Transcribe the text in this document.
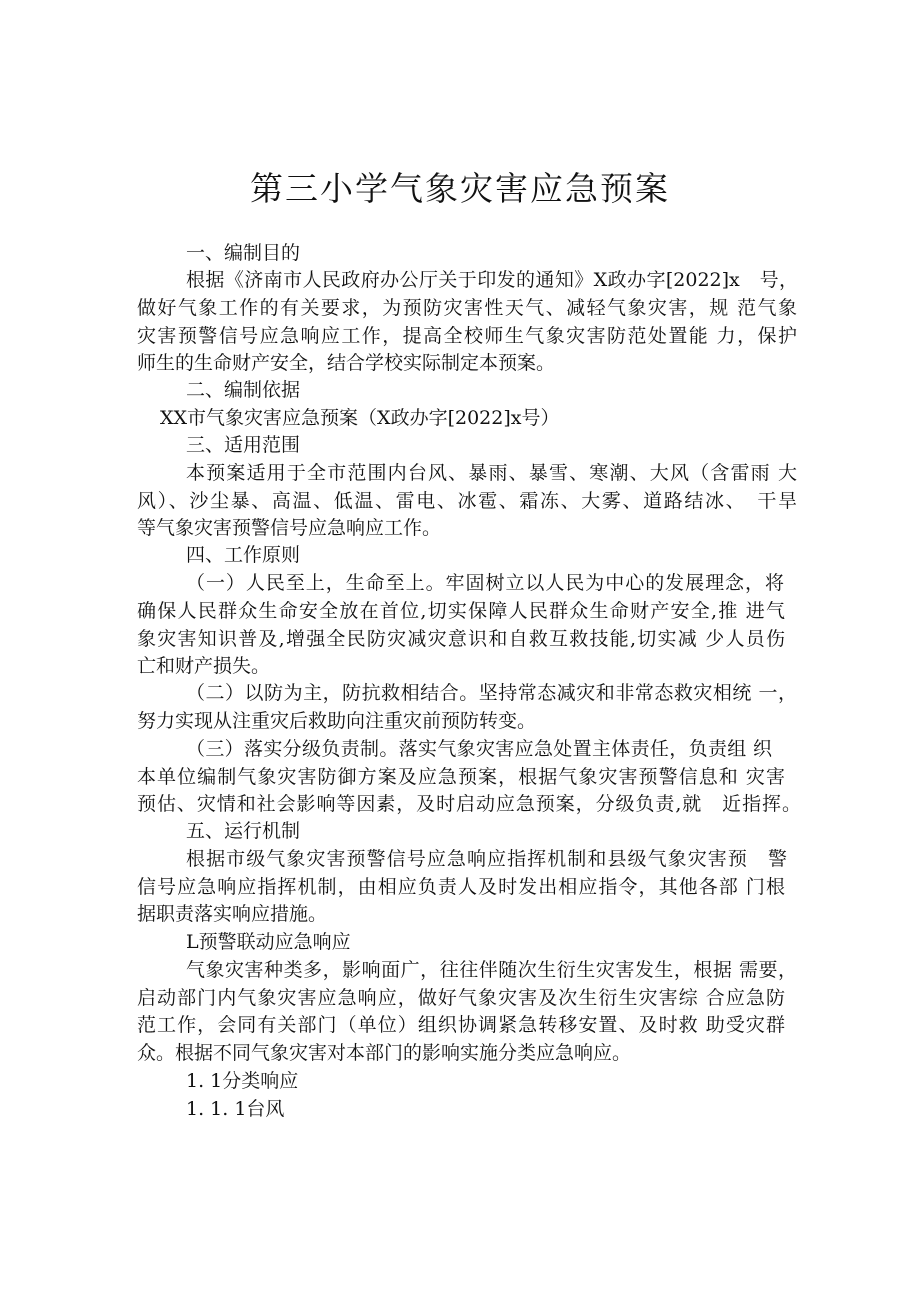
第三小学气象灾害应急预案
一、编制目的
根据《济南市人民政府办公厅关于印发的通知》X政办字[2022]x　号，
做好气象工作的有关要求，为预防灾害性天气、减轻气象灾害，规 范气象
灾害预警信号应急响应工作，提高全校师生气象灾害防范处置能 力，保护
师生的生命财产安全，结合学校实际制定本预案。
二、编制依据
XX市气象灾害应急预案（X政办字[2022]x号）
三、适用范围
本预案适用于全市范围内台风、暴雨、暴雪、寒潮、大风（含雷雨 大
风）、沙尘暴、高温、低温、雷电、冰雹、霜冻、大雾、道路结冰、　干旱
等气象灾害预警信号应急响应工作。
四、工作原则
（一）人民至上，生命至上。牢固树立以人民为中心的发展理念，将
确保人民群众生命安全放在首位,切实保障人民群众生命财产安全,推 进气
象灾害知识普及,增强全民防灾减灾意识和自救互救技能,切实减 少人员伤
亡和财产损失。
（二）以防为主，防抗救相结合。坚持常态减灾和非常态救灾相统 一，
努力实现从注重灾后救助向注重灾前预防转变。
（三）落实分级负责制。落实气象灾害应急处置主体责任，负责组 织
本单位编制气象灾害防御方案及应急预案，根据气象灾害预警信息和 灾害
预估、灾情和社会影响等因素，及时启动应急预案，分级负责,就　近指挥。
五、运行机制
根据市级气象灾害预警信号应急响应指挥机制和县级气象灾害预　警
信号应急响应指挥机制，由相应负责人及时发出相应指令，其他各部 门根
据职责落实响应措施。
L预警联动应急响应
气象灾害种类多，影响面广，往往伴随次生衍生灾害发生，根据 需要，
启动部门内气象灾害应急响应，做好气象灾害及次生衍生灾害综 合应急防
范工作，会同有关部门（单位）组织协调紧急转移安置、及时救 助受灾群
众。根据不同气象灾害对本部门的影响实施分类应急响应。
1. 1分类响应
1. 1. 1台风
